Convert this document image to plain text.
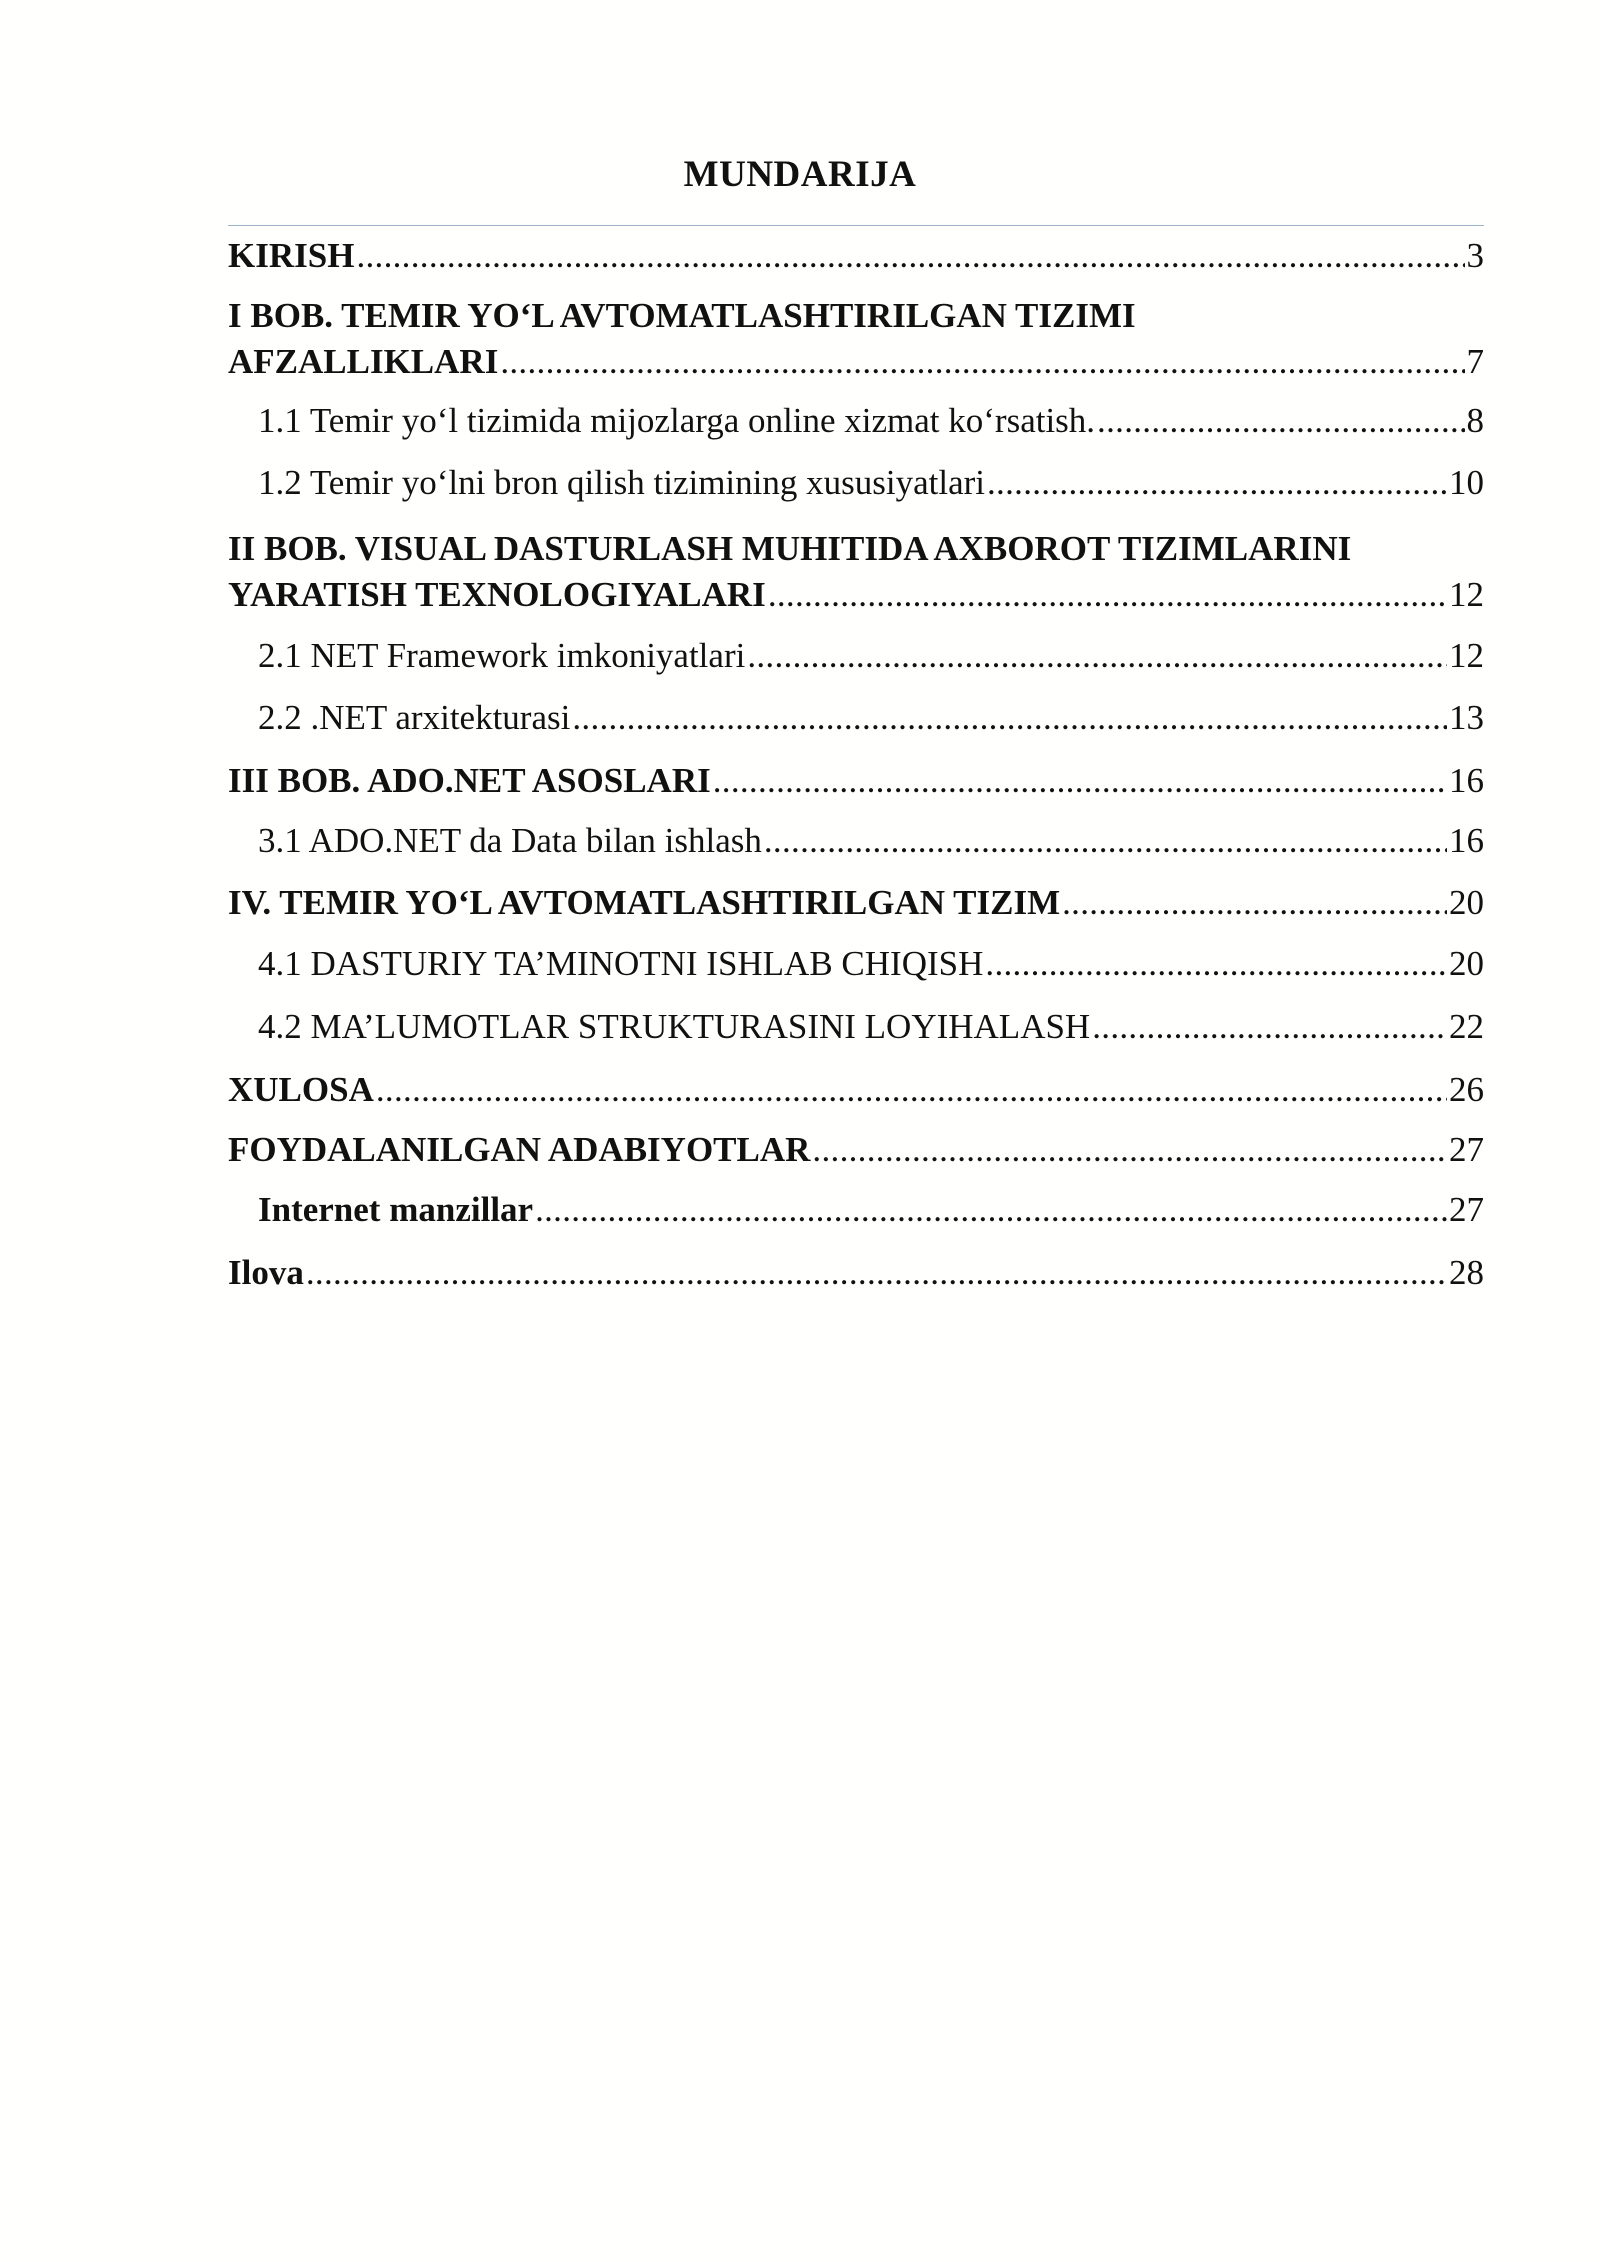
MUNDARIJA
KIRISH .....	3
I BOB. TEMIR YO‘L AVTOMATLASHTIRILGAN TIZIMI
AFZALLIKLARI .....	7
1.1 Temir yo‘l tizimida mijozlarga online xizmat ko‘rsatish. .....	8
1.2 Temir yo‘lni bron qilish tizimining xususiyatlari .....	10
II BOB. VISUAL DASTURLASH MUHITIDA AXBOROT TIZIMLARINI
YARATISH TEXNOLOGIYALARI .....	12
2.1 NET Framework imkoniyatlari .....	12
2.2 .NET arxitekturasi .....	13
III BOB. ADO.NET ASOSLARI .....	16
3.1 ADO.NET da Data bilan ishlash .....	16
IV. TEMIR YO‘L AVTOMATLASHTIRILGAN TIZIM .....	20
4.1 DASTURIY TA’MINOTNI ISHLAB CHIQISH .....	20
4.2 MA’LUMOTLAR STRUKTURASINI LOYIHALASH .....	22
XULOSA .....	26
FOYDALANILGAN ADABIYOTLAR .....	27
Internet manzillar .....	27
Ilova .....	28
